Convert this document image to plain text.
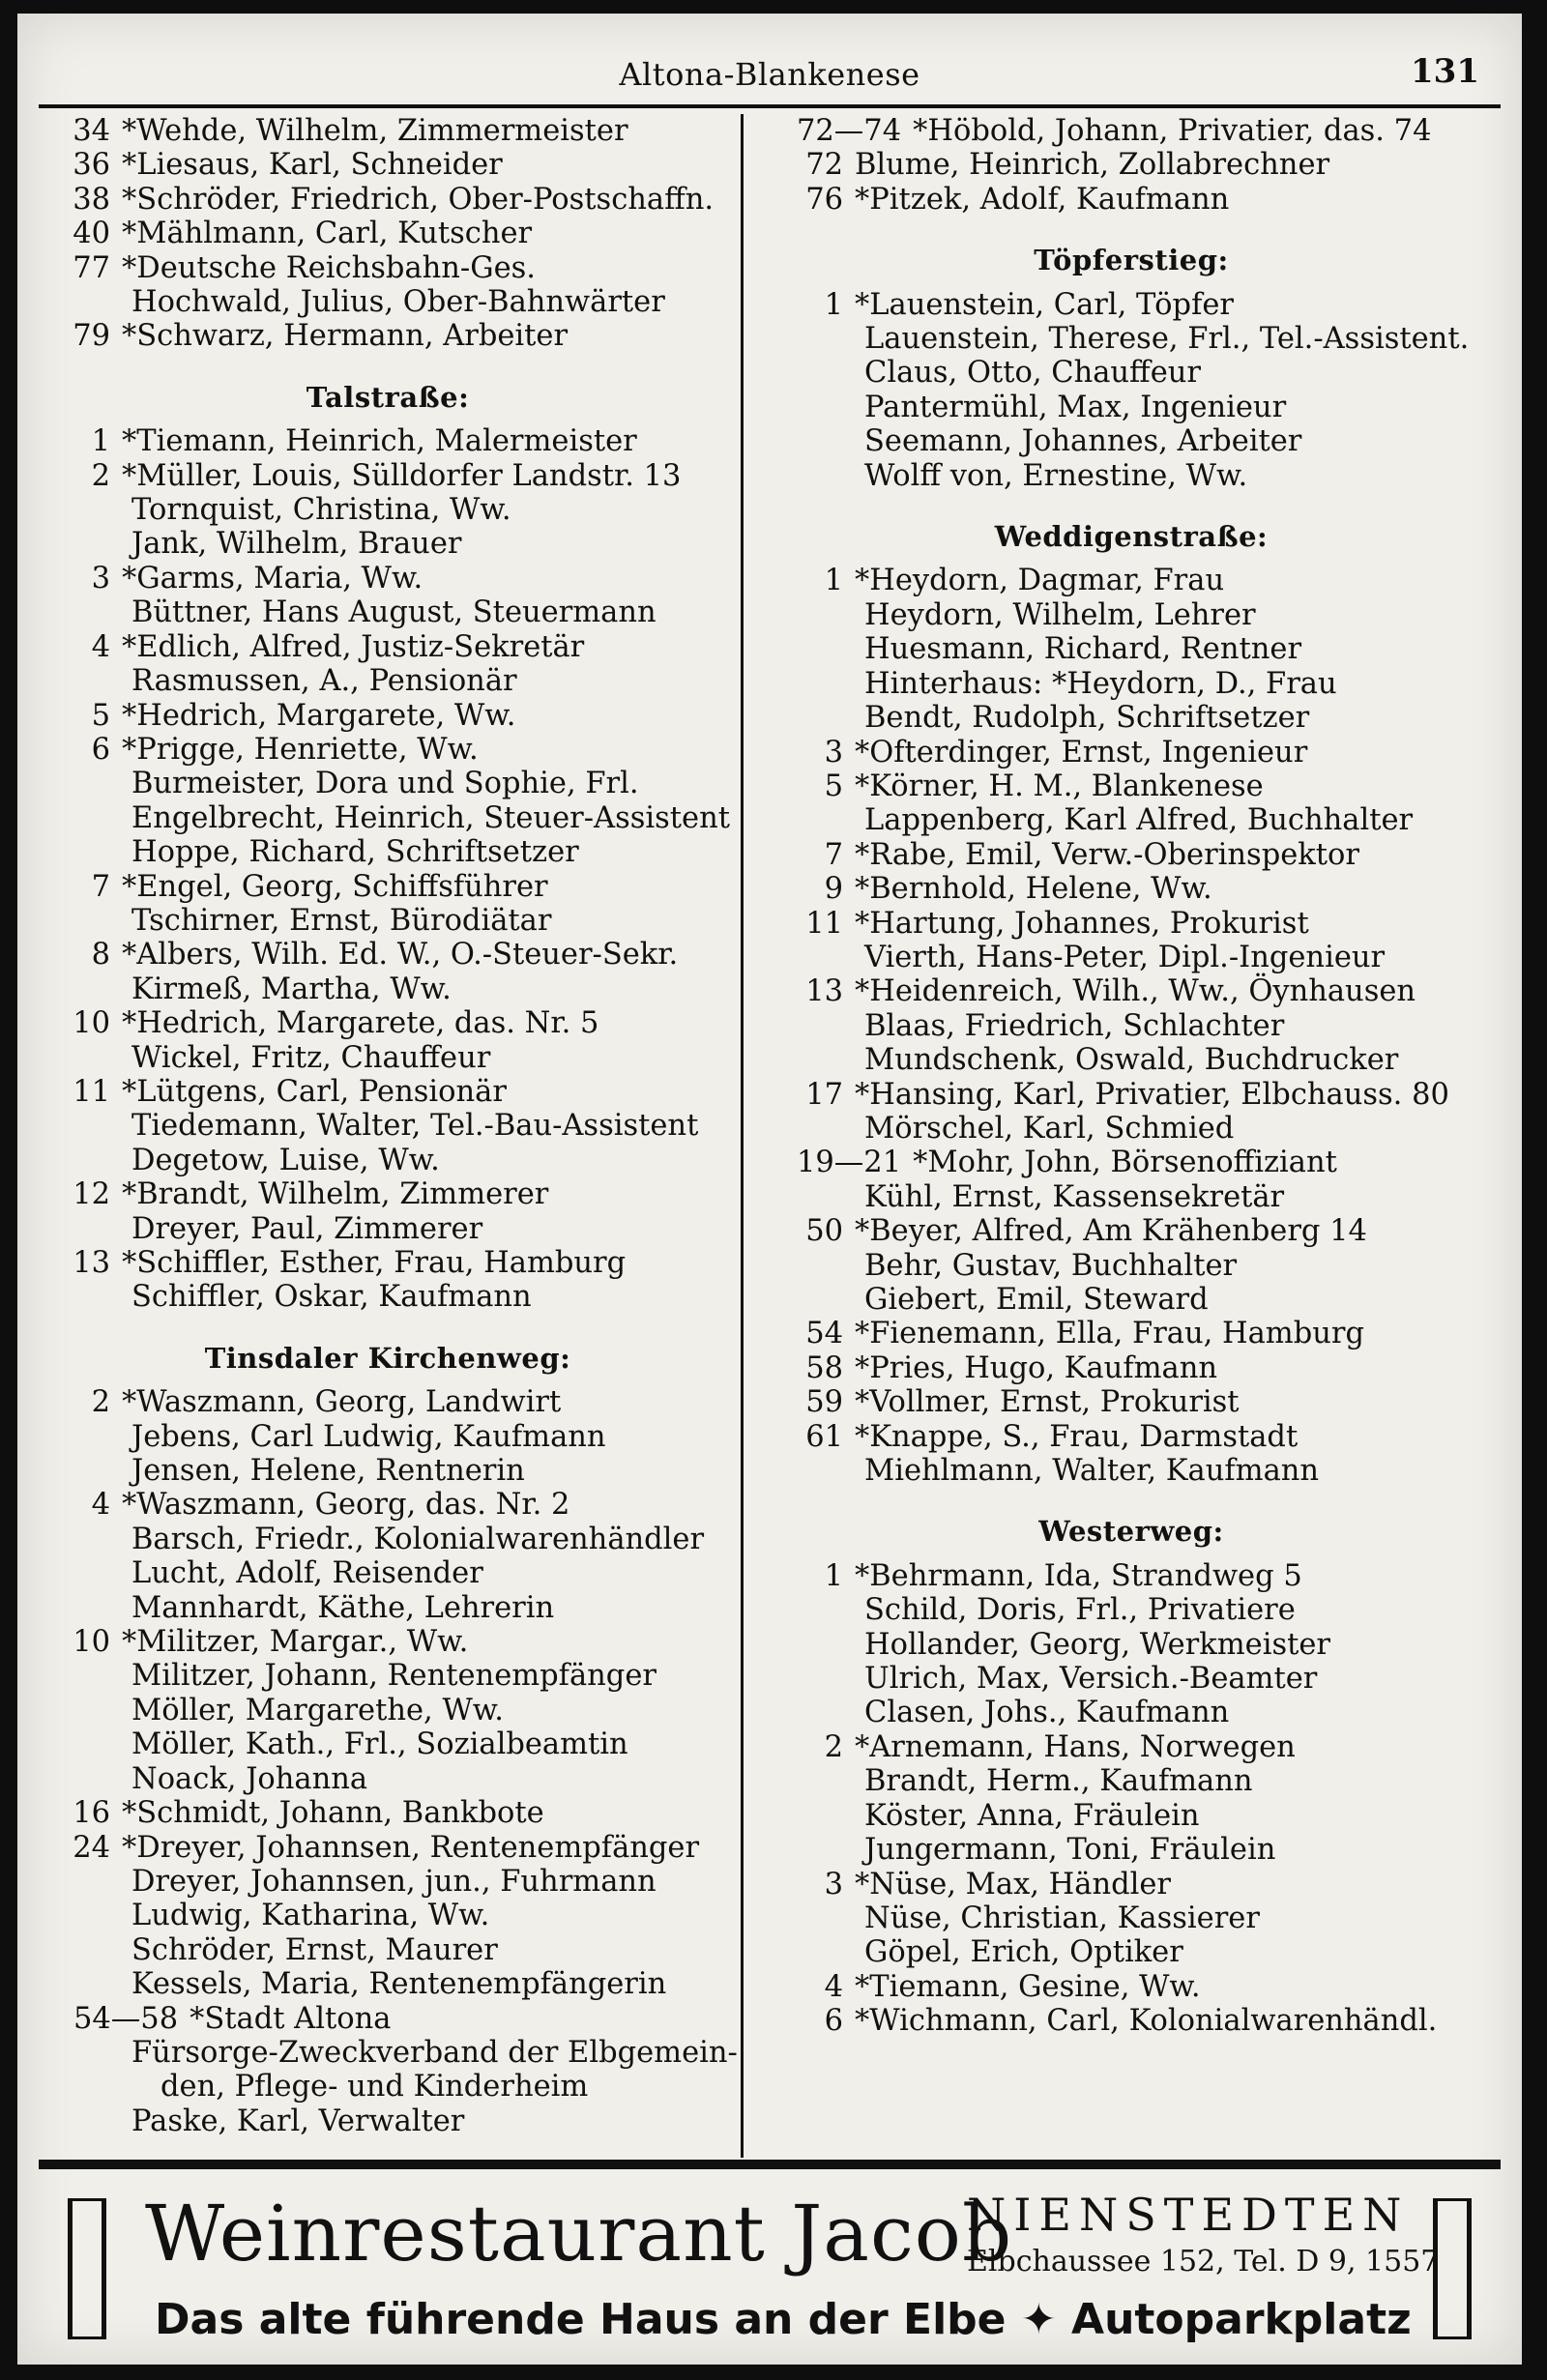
Altona-Blankenese	131
34 *Wehde, Wilhelm, Zimmermeister
36 *Liesaus, Karl, Schneider
38 *Schröder, Friedrich, Ober-Postschaffn.
40 *Mählmann, Carl, Kutscher
77 *Deutsche Reichsbahn-Ges.
Hochwald, Julius, Ober-Bahnwärter
79 *Schwarz, Hermann, Arbeiter
Talstraße:
1 *Tiemann, Heinrich, Malermeister
2 *Müller, Louis, Sülldorfer Landstr. 13
Tornquist, Christina, Ww.
Jank, Wilhelm, Brauer
3 *Garms, Maria, Ww.
Büttner, Hans August, Steuermann
4 *Edlich, Alfred, Justiz-Sekretär
Rasmussen, A., Pensionär
5 *Hedrich, Margarete, Ww.
6 *Prigge, Henriette, Ww.
Burmeister, Dora und Sophie, Frl.
Engelbrecht, Heinrich, Steuer-Assistent
Hoppe, Richard, Schriftsetzer
7 *Engel, Georg, Schiffsführer
Tschirner, Ernst, Bürodiätar
8 *Albers, Wilh. Ed. W., O.-Steuer-Sekr.
Kirmeß, Martha, Ww.
10 *Hedrich, Margarete, das. Nr. 5
Wickel, Fritz, Chauffeur
11 *Lütgens, Carl, Pensionär
Tiedemann, Walter, Tel.-Bau-Assistent
Degetow, Luise, Ww.
12 *Brandt, Wilhelm, Zimmerer
Dreyer, Paul, Zimmerer
13 *Schiffler, Esther, Frau, Hamburg
Schiffler, Oskar, Kaufmann
Tinsdaler Kirchenweg:
2 *Waszmann, Georg, Landwirt
Jebens, Carl Ludwig, Kaufmann
Jensen, Helene, Rentnerin
4 *Waszmann, Georg, das. Nr. 2
Barsch, Friedr., Kolonialwarenhändler
Lucht, Adolf, Reisender
Mannhardt, Käthe, Lehrerin
10 *Militzer, Margar., Ww.
Militzer, Johann, Rentenempfänger
Möller, Margarethe, Ww.
Möller, Kath., Frl., Sozialbeamtin
Noack, Johanna
16 *Schmidt, Johann, Bankbote
24 *Dreyer, Johannsen, Rentenempfänger
Dreyer, Johannsen, jun., Fuhrmann
Ludwig, Katharina, Ww.
Schröder, Ernst, Maurer
Kessels, Maria, Rentenempfängerin
54—58 *Stadt Altona
Fürsorge-Zweckverband der Elbgemein-
den, Pflege- und Kinderheim
Paske, Karl, Verwalter
72—74 *Höbold, Johann, Privatier, das. 74
72 Blume, Heinrich, Zollabrechner
76 *Pitzek, Adolf, Kaufmann
Töpferstieg:
1 *Lauenstein, Carl, Töpfer
Lauenstein, Therese, Frl., Tel.-Assistent.
Claus, Otto, Chauffeur
Pantermühl, Max, Ingenieur
Seemann, Johannes, Arbeiter
Wolff von, Ernestine, Ww.
Weddigenstraße:
1 *Heydorn, Dagmar, Frau
Heydorn, Wilhelm, Lehrer
Huesmann, Richard, Rentner
Hinterhaus: *Heydorn, D., Frau
Bendt, Rudolph, Schriftsetzer
3 *Ofterdinger, Ernst, Ingenieur
5 *Körner, H. M., Blankenese
Lappenberg, Karl Alfred, Buchhalter
7 *Rabe, Emil, Verw.-Oberinspektor
9 *Bernhold, Helene, Ww.
11 *Hartung, Johannes, Prokurist
Vierth, Hans-Peter, Dipl.-Ingenieur
13 *Heidenreich, Wilh., Ww., Öynhausen
Blaas, Friedrich, Schlachter
Mundschenk, Oswald, Buchdrucker
17 *Hansing, Karl, Privatier, Elbchauss. 80
Mörschel, Karl, Schmied
19—21 *Mohr, John, Börsenoffiziant
Kühl, Ernst, Kassensekretär
50 *Beyer, Alfred, Am Krähenberg 14
Behr, Gustav, Buchhalter
Giebert, Emil, Steward
54 *Fienemann, Ella, Frau, Hamburg
58 *Pries, Hugo, Kaufmann
59 *Vollmer, Ernst, Prokurist
61 *Knappe, S., Frau, Darmstadt
Miehlmann, Walter, Kaufmann
Westerweg:
1 *Behrmann, Ida, Strandweg 5
Schild, Doris, Frl., Privatiere
Hollander, Georg, Werkmeister
Ulrich, Max, Versich.-Beamter
Clasen, Johs., Kaufmann
2 *Arnemann, Hans, Norwegen
Brandt, Herm., Kaufmann
Köster, Anna, Fräulein
Jungermann, Toni, Fräulein
3 *Nüse, Max, Händler
Nüse, Christian, Kassierer
Göpel, Erich, Optiker
4 *Tiemann, Gesine, Ww.
6 *Wichmann, Carl, Kolonialwarenhändl.
Weinrestaurant Jacob
NIENSTEDTEN
Elbchaussee 152, Tel. D 9, 1557
Das alte führende Haus an der Elbe ✦ Autoparkplatz
